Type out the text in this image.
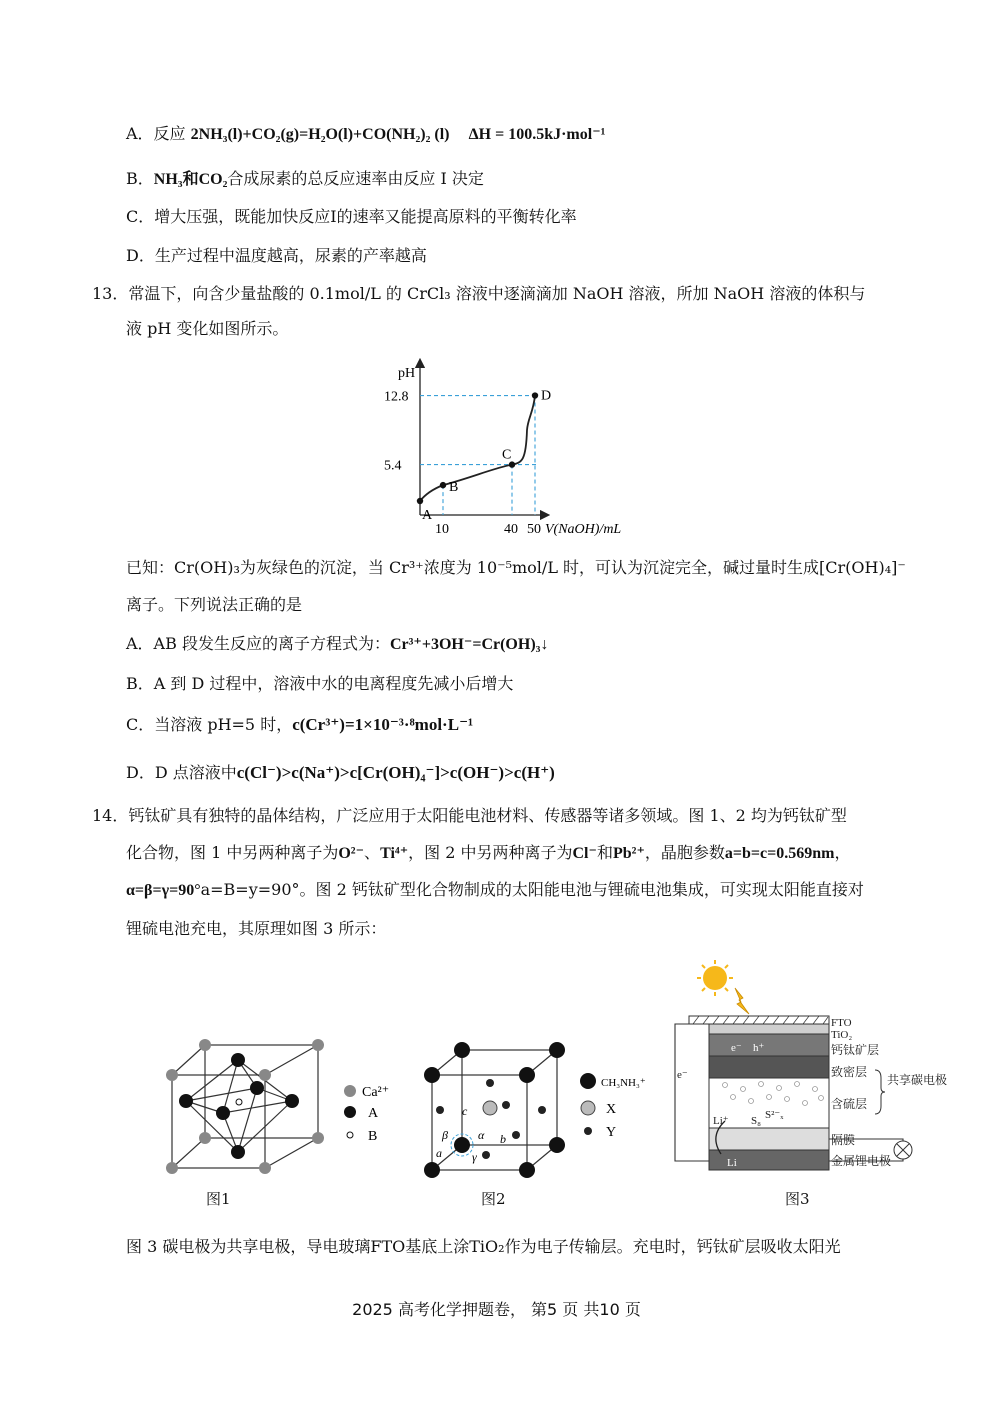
A．反应 2NH₃(l)+CO₂(g)=H₂O(l)+CO(NH₂)₂ (l) ΔH = 100.5kJ·mol⁻¹
B．NH₃和CO₂合成尿素的总反应速率由反应 I 决定
C．增大压强，既能加快反应I的速率又能提高原料的平衡转化率
D．生产过程中温度越高，尿素的产率越高
13．常温下，向含少量盐酸的 0.1mol/L 的 CrCl₃ 溶液中逐滴滴加 NaOH 溶液，所加 NaOH 溶液的体积与
液 pH 变化如图所示。
pH
V(NaOH)/mL
A
B
C
D
10	40 50
5.4
12.8
已知：Cr(OH)₃为灰绿色的沉淀，当 Cr³⁺浓度为 10⁻⁵mol/L 时，可认为沉淀完全，碱过量时生成[Cr(OH)₄]⁻
离子。下列说法正确的是
A．AB 段发生反应的离子方程式为：Cr³⁺+3OH⁻=Cr(OH)₃↓
B．A 到 D 过程中，溶液中水的电离程度先减小后增大
C．当溶液 pH=5 时，c(Cr³⁺)=1×10⁻³·⁸mol·L⁻¹
D．D 点溶液中c(Cl⁻)>c(Na⁺)>c[Cr(OH)₄⁻]>c(OH⁻)>c(H⁺)
14．钙钛矿具有独特的晶体结构，广泛应用于太阳能电池材料、传感器等诸多领域。图 1、2 均为钙钛矿型
化合物，图 1 中另两种离子为O²⁻、Ti⁴⁺，图 2 中另两种离子为Cl⁻和Pb²⁺，晶胞参数a=b=c=0.569nm，
α=β=γ=90°a=B=y=90°。图 2 钙钛矿型化合物制成的太阳能电池与锂硫电池集成，可实现太阳能直接对
锂硫电池充电，其原理如图 3 所示：
Ca²⁺
A
B
图1
c
β	α
a	γ
b
CH₃NH₃⁺
X
Y
图2
FTO
TiO₂
钙钛矿层
致密层
含硫层
隔膜
金属锂电极
共享碳电极
e⁻ h⁺
e⁻
Li⁺ S₈ S²⁻ₓ
Li
图3
图 3 碳电极为共享电极，导电玻璃FTO基底上涂TiO₂作为电子传输层。充电时，钙钛矿层吸收太阳光
2025 高考化学押题卷， 第5 页 共10 页
